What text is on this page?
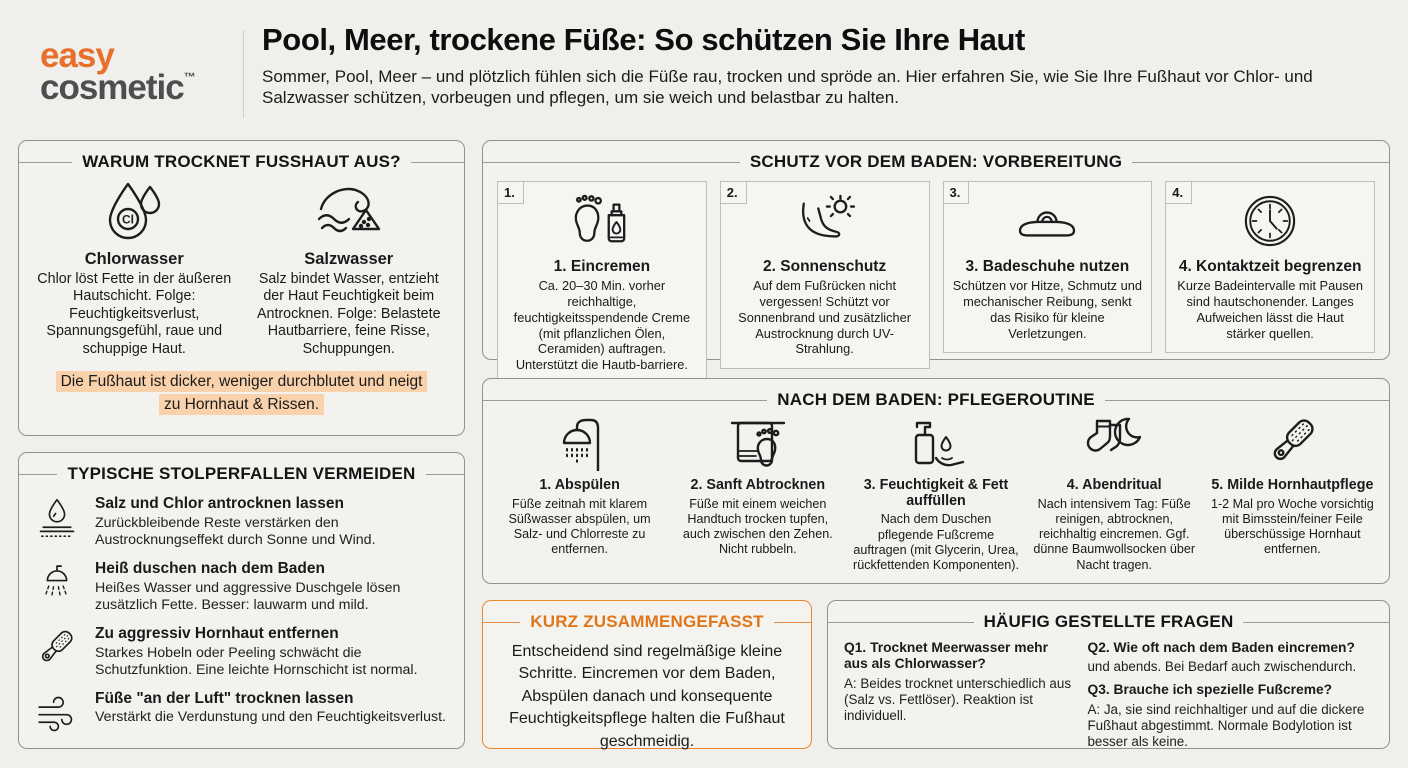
easy
cosmetic™
Pool, Meer, trockene Füße: So schützen Sie Ihre Haut

Sommer, Pool, Meer – und plötzlich fühlen sich die Füße rau, trocken und spröde an. Hier erfahren Sie, wie Sie Ihre Fußhaut vor Chlor- und Salzwasser schützen, vorbeugen und pflegen, um sie weich und belastbar zu halten.

WARUM TROCKNET FUSSHAUT AUS?
Cl
Chlorwasser
Chlor löst Fette in der äußeren Hautschicht. Folge: Feuchtigkeitsverlust, Spannungsgefühl, raue und schuppige Haut.
Salzwasser
Salz bindet Wasser, entzieht der Haut Feuchtigkeit beim Antrocknen. Folge: Belastete Hautbarriere, feine Risse, Schuppungen.
Die Fußhaut ist dicker, weniger durchblutet und neigt zu Hornhaut & Rissen.
TYPISCHE STOLPERFALLEN VERMEIDEN
Salz und Chlor antrocknen lassen
Zurückbleibende Reste verstärken den Austrocknungseffekt durch Sonne und Wind.
Heiß duschen nach dem Baden
Heißes Wasser und aggressive Duschgele lösen zusätzlich Fette. Besser: lauwarm und mild.
Zu aggressiv Hornhaut entfernen
Starkes Hobeln oder Peeling schwächt die Schutzfunktion. Eine leichte Hornschicht ist normal.
Füße "an der Luft" trocknen lassen
Verstärkt die Verdunstung und den Feuchtigkeitsverlust.
SCHUTZ VOR DEM BADEN: VORBEREITUNG
1.
1. Eincremen
Ca. 20–30 Min. vorher reichhaltige, feuchtigkeitsspendende Creme (mit pflanzlichen Ölen, Ceramiden) auftragen. Unterstützt die Hautb-barriere.
2.
2. Sonnenschutz
Auf dem Fußrücken nicht vergessen! Schützt vor Sonnenbrand und zusätzlicher Austrocknung durch UV-Strahlung.
3.
3. Badeschuhe nutzen
Schützen vor Hitze, Schmutz und mechanischer Reibung, senkt das Risiko für kleine Verletzungen.
4.
4. Kontaktzeit begrenzen
Kurze Badeintervalle mit Pausen sind hautschonender. Langes Aufweichen lässt die Haut stärker quellen.
NACH DEM BADEN: PFLEGEROUTINE
1. Abspülen
Füße zeitnah mit klarem Süßwasser abspülen, um Salz- und Chlorreste zu entfernen.
2. Sanft Abtrocknen
Füße mit einem weichen Handtuch trocken tupfen, auch zwischen den Zehen. Nicht rubbeln.
3. Feuchtigkeit & Fett auffüllen
Nach dem Duschen pflegende Fußcreme auftragen (mit Glycerin, Urea, rückfettenden Komponenten).
4. Abendritual
Nach intensivem Tag: Füße reinigen, abtrocknen, reichhaltig eincremen. Ggf. dünne Baumwollsocken über Nacht tragen.
5. Milde Hornhautpflege
1-2 Mal pro Woche vorsichtig mit Bimsstein/feiner Feile überschüssige Hornhaut entfernen.
KURZ ZUSAMMENGEFASST
Entscheidend sind regelmäßige kleine Schritte. Eincremen vor dem Baden, Abspülen danach und konsequente Feuchtigkeitspflege halten die Fußhaut geschmeidig.
HÄUFIG GESTELLTE FRAGEN
Q1. Trocknet Meerwasser mehr aus als Chlorwasser?
A: Beides trocknet unterschiedlich aus (Salz vs. Fettlöser). Reaktion ist individuell.
Q2. Wie oft nach dem Baden eincremen?
und abends. Bei Bedarf auch zwischendurch.
Q3. Brauche ich spezielle Fußcreme?
A: Ja, sie sind reichhaltiger und auf die dickere Fußhaut abgestimmt. Normale Bodylotion ist besser als keine.
